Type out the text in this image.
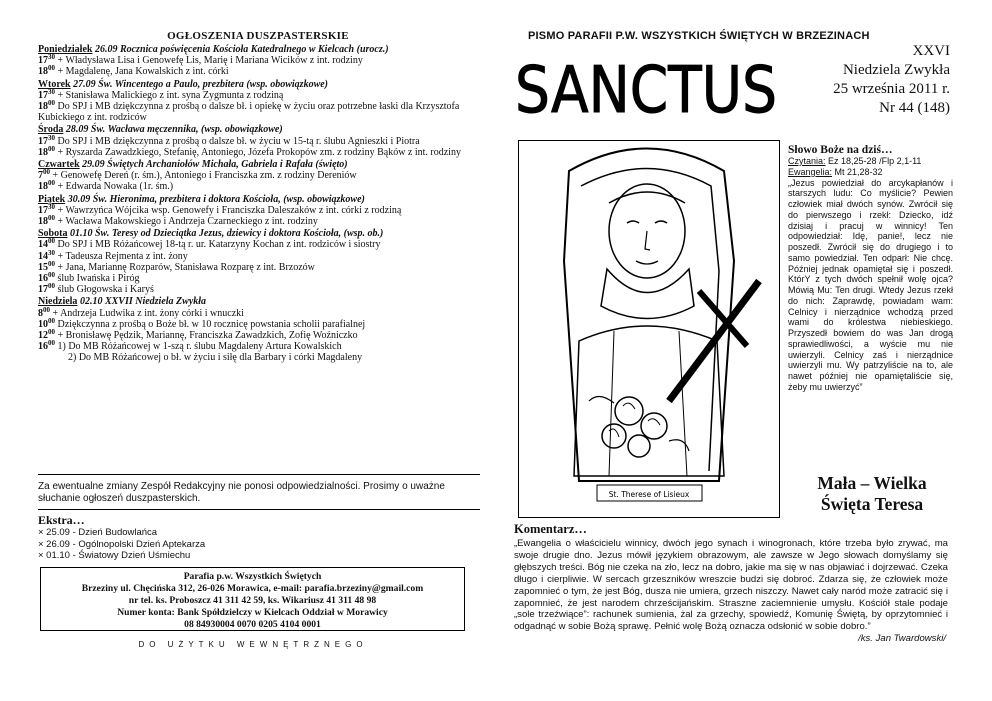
OGŁOSZENIA DUSZPASTERSKIE
Poniedziałek 26.09 Rocznica poświęcenia Kościoła Katedralnego w Kielcach (urocz.)
$17^{30}$ + Władysława Lisa i Genowefę Lis, Marię i Mariana Wicików z int. rodziny
$18^{00}$ + Magdalenę, Jana Kowalskich z int. córki
Wtorek 27.09 Św. Wincentego a Paulo, prezbitera (wsp. obowiązkowe)
$17^{30}$ + Stanisława Malickiego z int. syna Zygmunta z rodziną
$18^{00}$ Do SPJ i MB dziękczynna z prośbą o dalsze bł. i opiekę w życiu oraz potrzebne łaski dla Krzysztofa Kubickiego z int. rodziców
Środa 28.09 Św. Wacława męczennika, (wsp. obowiązkowe)
$17^{30}$ Do SPJ i MB dziękczynna z prośbą o dalsze bł. w życiu w 15-tą r. ślubu Agnieszki i Piotra
$18^{00}$ + Ryszarda Zawadzkiego, Stefanię, Antoniego, Józefa Prokopów zm. z rodziny Bąków z int. rodziny
Czwartek 29.09 Świętych Archaniołów Michała, Gabriela i Rafała (święto)
$7^{00}$ + Genowefę Dereń (r. śm.), Antoniego i Franciszka zm. z rodziny Dereniów
$18^{00}$ + Edwarda Nowaka (1r. śm.)
Piątek 30.09 Św. Hieronima, prezbitera i doktora Kościoła, (wsp. obowiązkowe)
$17^{30}$ + Wawrzyńca Wójcika wsp. Genowefy i Franciszka Daleszaków z int. córki z rodziną
$18^{00}$ + Wacława Makowskiego i Andrzeja Czarneckiego z int. rodziny
Sobota 01.10 Św. Teresy od Dzieciątka Jezus, dziewicy i doktora Kościoła, (wsp. ob.)
$14^{00}$ Do SPJ i MB Różańcowej 18-tą r. ur. Katarzyny Kochan z int. rodziców i siostry
$14^{30}$ + Tadeusza Rejmenta z int. żony
$15^{00}$ + Jana, Mariannę Rozparów, Stanisława Rozparę z int. Brzozów
$16^{00}$ ślub Iwańska i Piróg
$17^{00}$ ślub Głogowska i Karyś
Niedziela 02.10 XXVII Niedziela Zwykła
$8^{00}$ + Andrzeja Ludwika z int. żony córki i wnuczki
$10^{00}$ Dziękczynna z prośbą o Boże bł. w 10 rocznicę powstania scholii parafialnej
$12^{00}$ + Bronisławę Pędzik, Mariannę, Franciszka Zawadzkich, Zofię Woźniczko
$16^{00}$ 1) Do MB Różańcowej w 1-szą r. ślubu Magdaleny Artura Kowalskich
2) Do MB Różańcowej o bł. w życiu i siłę dla Barbary i córki Magdaleny
Za ewentualne zmiany Zespół Redakcyjny nie ponosi odpowiedzialności. Prosimy o uważne słuchanie ogłoszeń duszpasterskich.
Ekstra…
× 25.09 - Dzień Budowlańca
× 26.09 - Ogólnopolski Dzień Aptekarza
× 01.10 - Światowy Dzień Uśmiechu
Parafia p.w. Wszystkich Świętych
Brzeziny ul. Chęcińska 312, 26-026 Morawica, e-mail: parafia.brzeziny@gmail.com
nr tel. ks. Proboszcz 41 311 42 59, ks. Wikariusz 41 311 48 98
Numer konta: Bank Spółdzielczy w Kielcach Oddział w Morawicy
08 84930004 0070 0205 4104 0001
DO UŻYTKU WEWNĘTRZNEGO
PISMO PARAFII P.W. WSZYSTKICH ŚWIĘTYCH W BRZEZINACH
SANCTUS
XXVI
Niedziela Zwykła
25 września 2011 r.
Nr 44 (148)
St. Therese of Lisieux
Słowo Boże na dziś…
Czytania: Ez 18,25-28 /Flp 2,1-11
Ewangelia: Mt 21,28-32
„Jezus powiedział do arcykapłanów i starszych ludu: Co myślicie? Pewien człowiek miał dwóch synów. Zwrócił się do pierwszego i rzekł: Dziecko, idź dzisiaj i pracuj w winnicy! Ten odpowiedział: Idę, panie!, lecz nie poszedł. Zwrócił się do drugiego i to samo powiedział. Ten odparł: Nie chcę. Później jednak opamiętał się i poszedł. KtórY z tych dwóch spełnił wolę ojca? Mówią Mu: Ten drugi. Wtedy Jezus rzekł do nich: Zaprawdę, powiadam wam: Celnicy i nierządnice wchodzą przed wami do królestwa niebieskiego. Przyszedł bowiem do was Jan drogą sprawiedliwości, a wyście mu nie uwierzyli. Celnicy zaś i nierządnice uwierzyli mu. Wy patrzyliście na to, ale nawet później nie opamiętaliście się, żeby mu uwierzyć”
Mała – Wielka
Święta Teresa
Komentarz…
„Ewangelia o właścicielu winnicy, dwóch jego synach i winogronach, które trzeba było zrywać, ma swoje drugie dno. Jezus mówił językiem obrazowym, ale zawsze w Jego słowach domyślamy się głębszych treści. Bóg nie czeka na zło, lecz na dobro, jakie ma się w nas objawiać i dojrzewać. Czeka długo i cierpliwie. W sercach grzeszników wreszcie budzi się dobroć. Zdarza się, że człowiek może zapomnieć o tym, że jest Bóg, dusza nie umiera, grzech niszczy. Nawet cały naród może zatracić się i zapomnieć, że jest narodem chrześcijańskim. Straszne zaciemnienie umysłu. Kościół stale podaje „sole trzeźwiące”: rachunek sumienia, żal za grzechy, spowiedź, Komunię Świętą, by oprzytomnieć i odgadnąć w sobie Bożą sprawę. Pełnić wolę Bożą oznacza odsłonić w sobie dobro.”
/ks. Jan Twardowski/
